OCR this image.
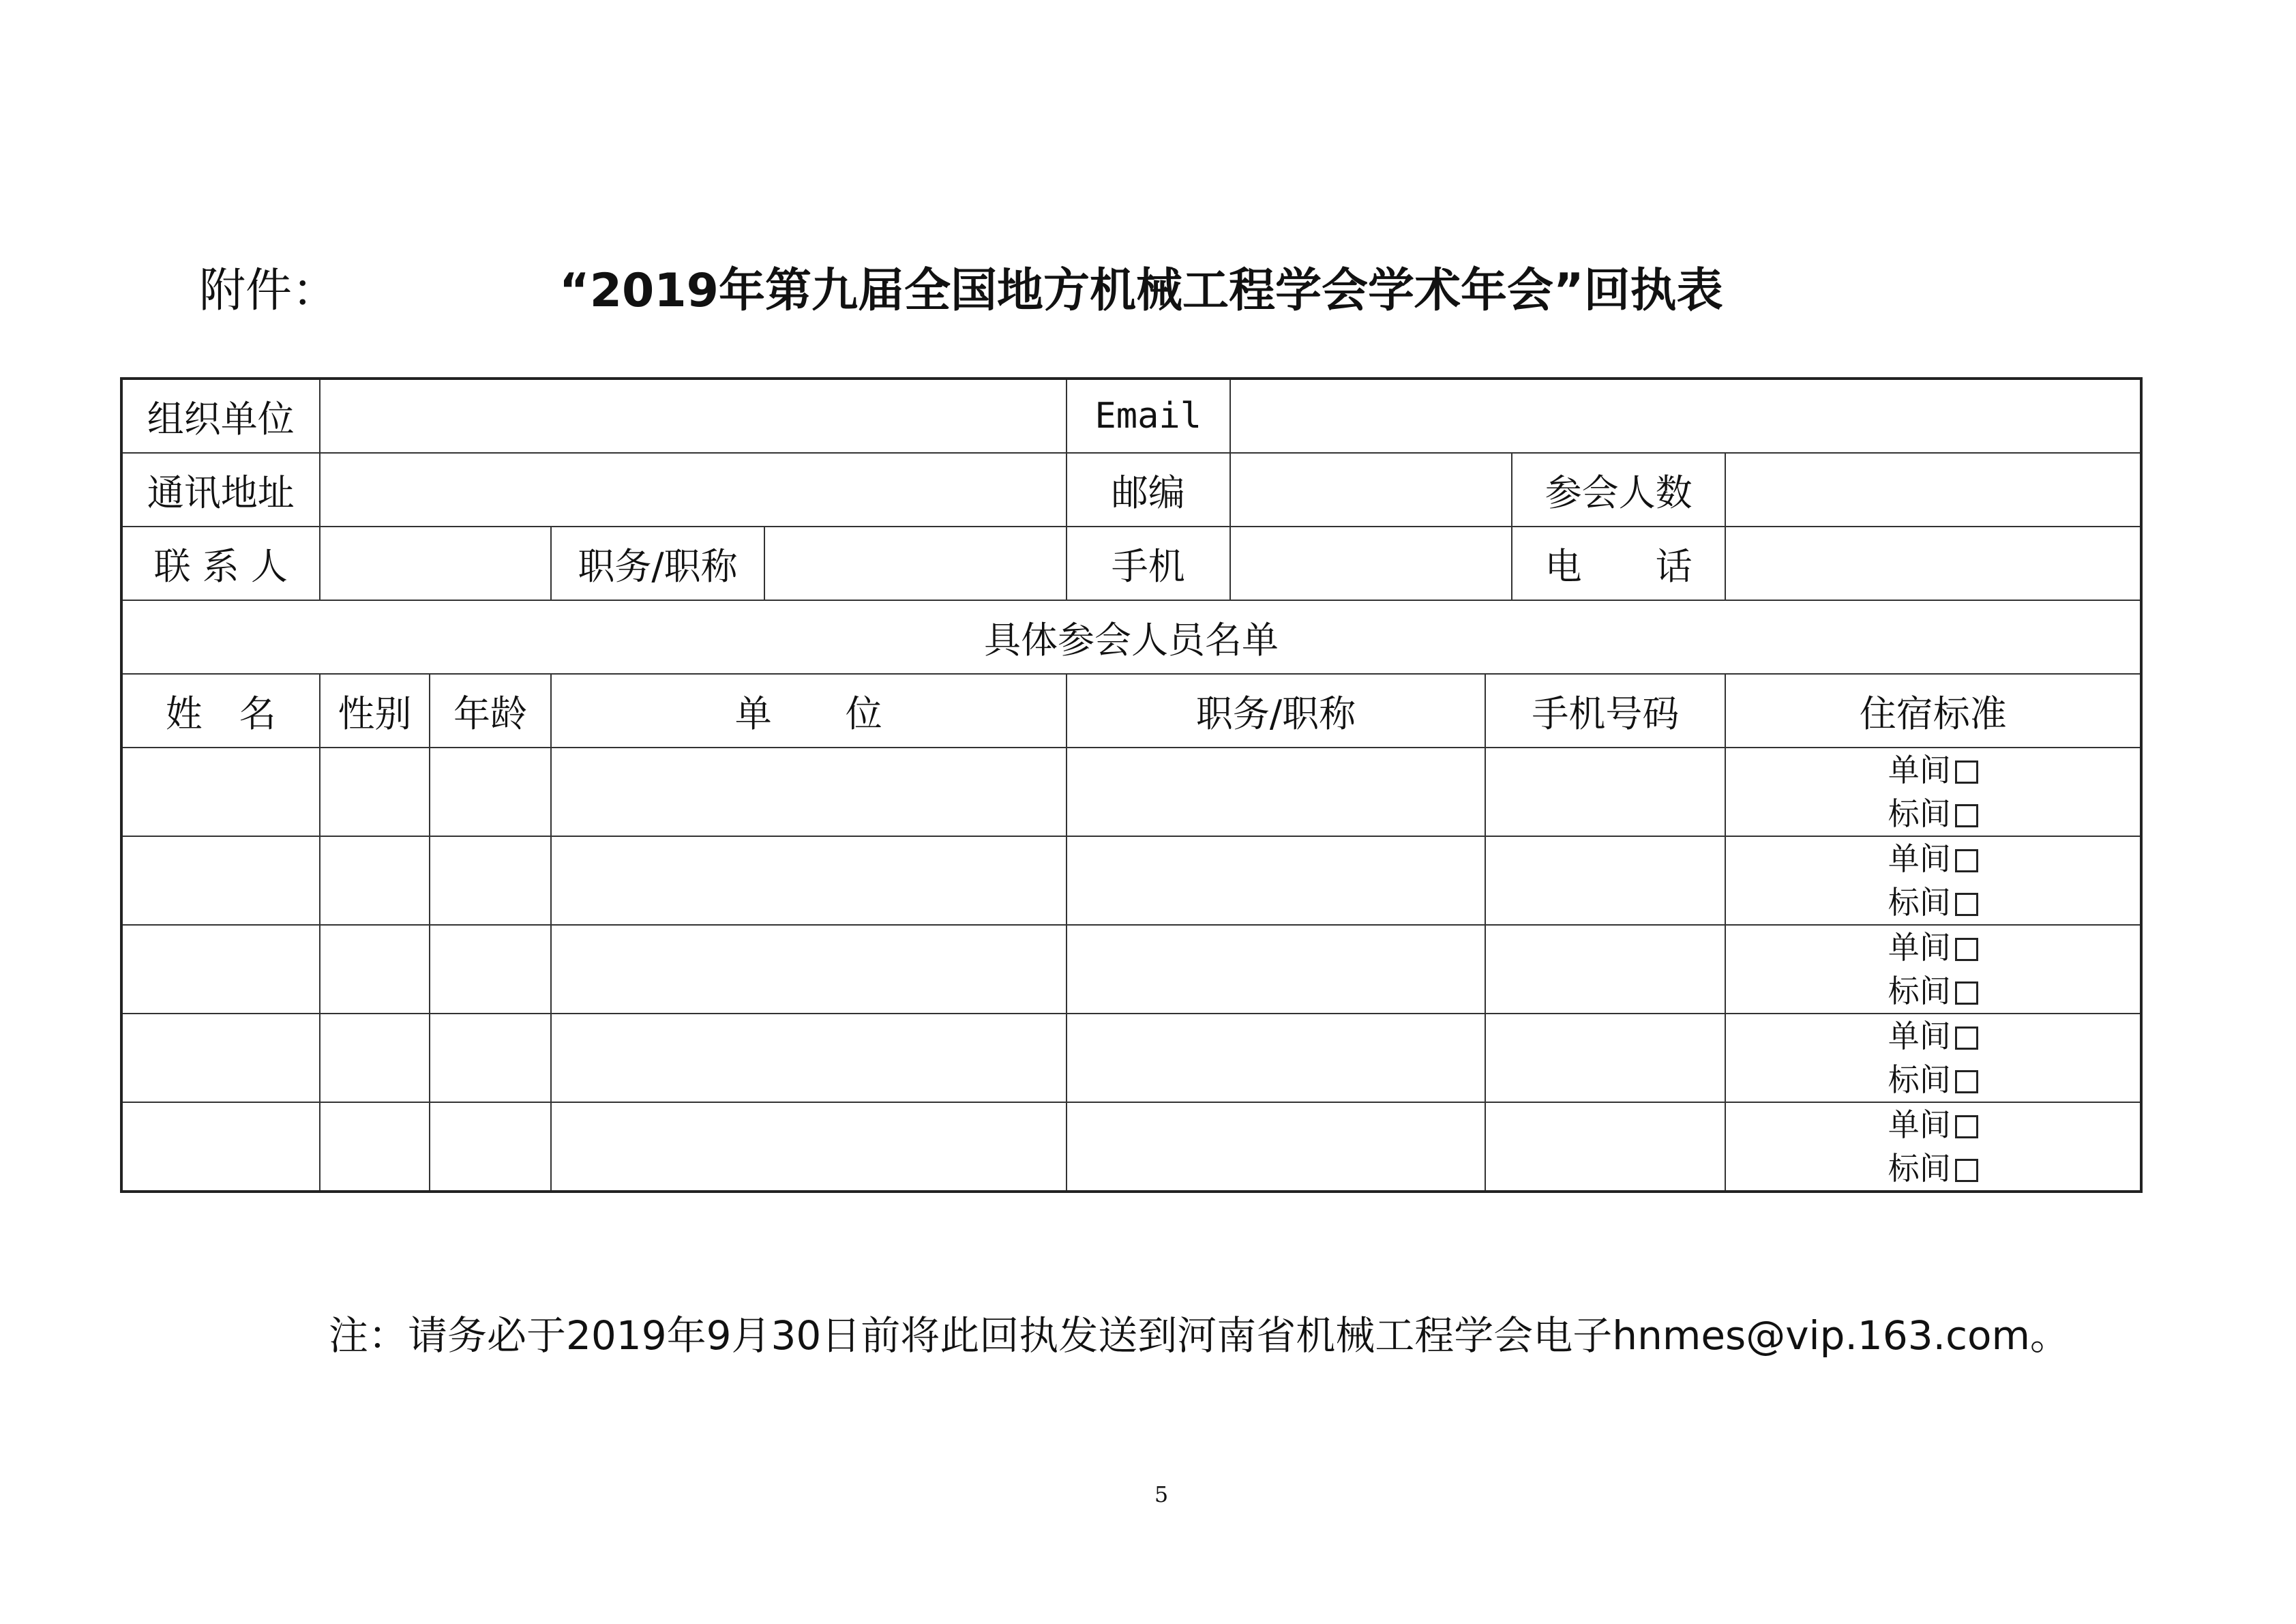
附件：	“2019年第九届全国地方机械工程学会学术年会”回执表
组织单位					Email				
通讯地址					邮编			参会人数	
联 系 人			职务/职称		手机			电　　话	
具体参会人员名单									
姓　名	性别	年龄	单　　位		职务/职称		手机号码		住宿标准

									单间
标间

									单间
标间

									单间
标间

									单间
标间

									单间
标间
注：请务必于2019年9月30日前将此回执发送到河南省机械工程学会电子hnmes@vip.163.com。
5
